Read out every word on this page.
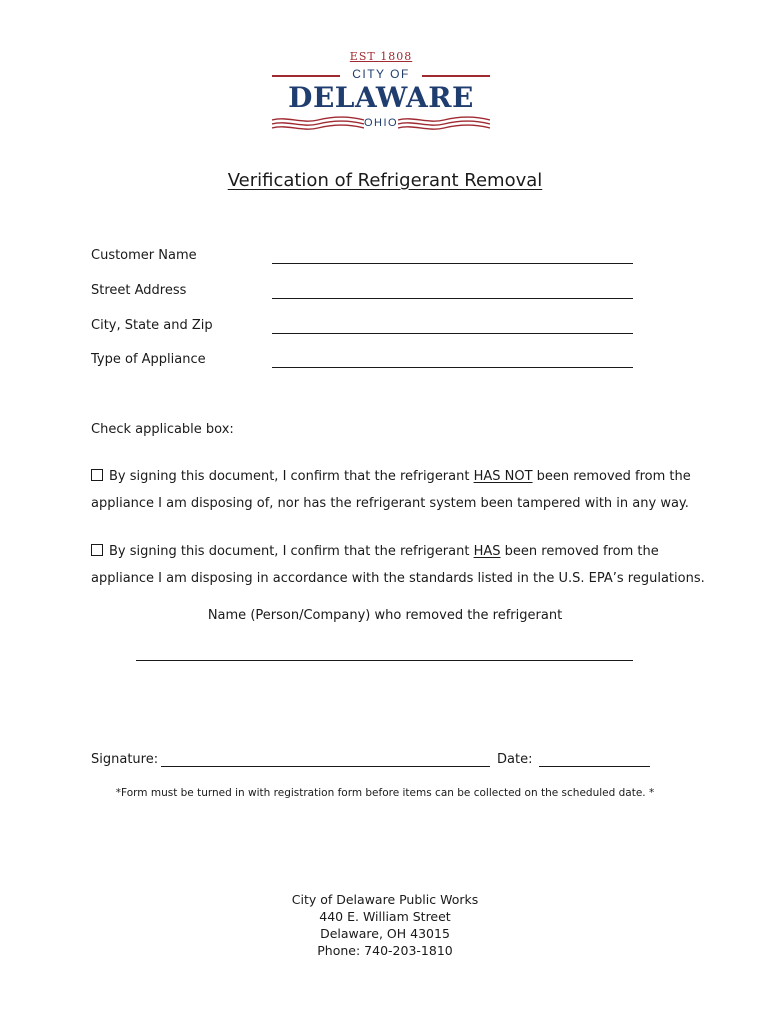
EST 1808
CITY OF
DELAWARE
OHIO
Verification of Refrigerant Removal
Customer Name
Street Address
City, State and Zip
Type of Appliance
Check applicable box:
By signing this document, I confirm that the refrigerant HAS NOT been removed from the
appliance I am disposing of, nor has the refrigerant system been tampered with in any way.
By signing this document, I confirm that the refrigerant HAS been removed from the
appliance I am disposing in accordance with the standards listed in the U.S. EPA’s regulations.
Name (Person/Company) who removed the refrigerant
Signature:	Date:
*Form must be turned in with registration form before items can be collected on the scheduled date. *
City of Delaware Public Works
440 E. William Street
Delaware, OH 43015
Phone: 740-203-1810
